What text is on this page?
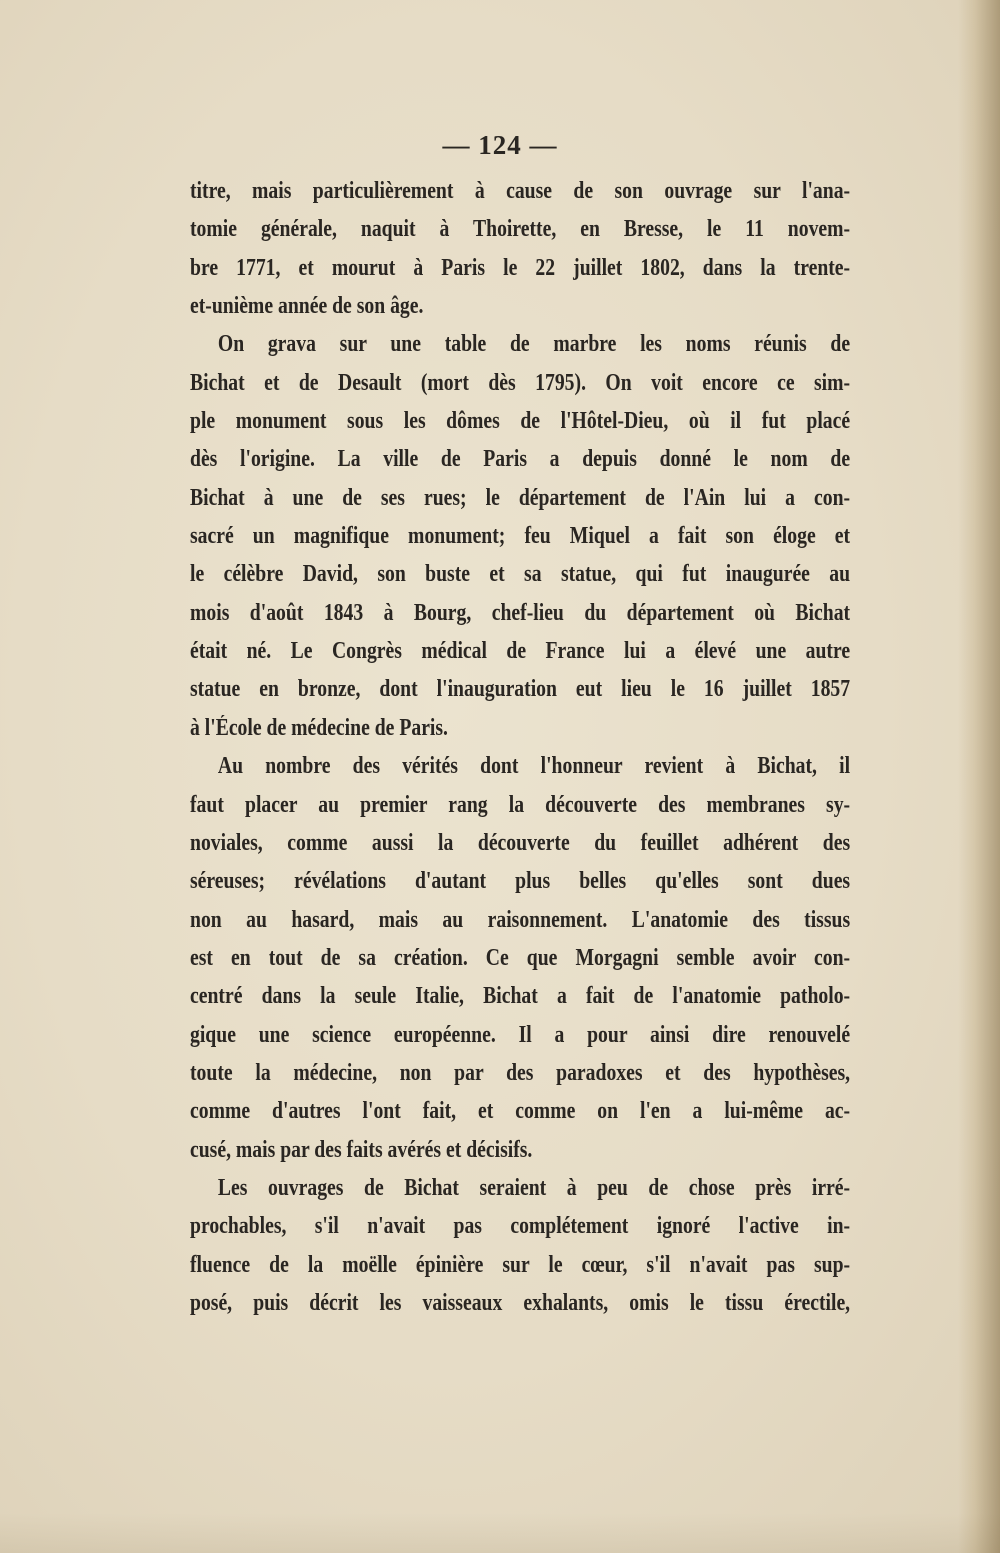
— 124 —
titre, mais particulièrement à cause de son ouvrage sur l'ana-
tomie générale, naquit à Thoirette, en Bresse, le 11 novem-
bre 1771, et mourut à Paris le 22 juillet 1802, dans la trente-
et-unième année de son âge.
On grava sur une table de marbre les noms réunis de
Bichat et de Desault (mort dès 1795). On voit encore ce sim-
ple monument sous les dômes de l'Hôtel-Dieu, où il fut placé
dès l'origine. La ville de Paris a depuis donné le nom de
Bichat à une de ses rues; le département de l'Ain lui a con-
sacré un magnifique monument; feu Miquel a fait son éloge et
le célèbre David, son buste et sa statue, qui fut inaugurée au
mois d'août 1843 à Bourg, chef-lieu du département où Bichat
était né. Le Congrès médical de France lui a élevé une autre
statue en bronze, dont l'inauguration eut lieu le 16 juillet 1857
à l'École de médecine de Paris.
Au nombre des vérités dont l'honneur revient à Bichat, il
faut placer au premier rang la découverte des membranes sy-
noviales, comme aussi la découverte du feuillet adhérent des
séreuses; révélations d'autant plus belles qu'elles sont dues
non au hasard, mais au raisonnement. L'anatomie des tissus
est en tout de sa création. Ce que Morgagni semble avoir con-
centré dans la seule Italie, Bichat a fait de l'anatomie patholo-
gique une science européenne. Il a pour ainsi dire renouvelé
toute la médecine, non par des paradoxes et des hypothèses,
comme d'autres l'ont fait, et comme on l'en a lui-même ac-
cusé, mais par des faits avérés et décisifs.
Les ouvrages de Bichat seraient à peu de chose près irré-
prochables, s'il n'avait pas complétement ignoré l'active in-
fluence de la moëlle épinière sur le cœur, s'il n'avait pas sup-
posé, puis décrit les vaisseaux exhalants, omis le tissu érectile,
